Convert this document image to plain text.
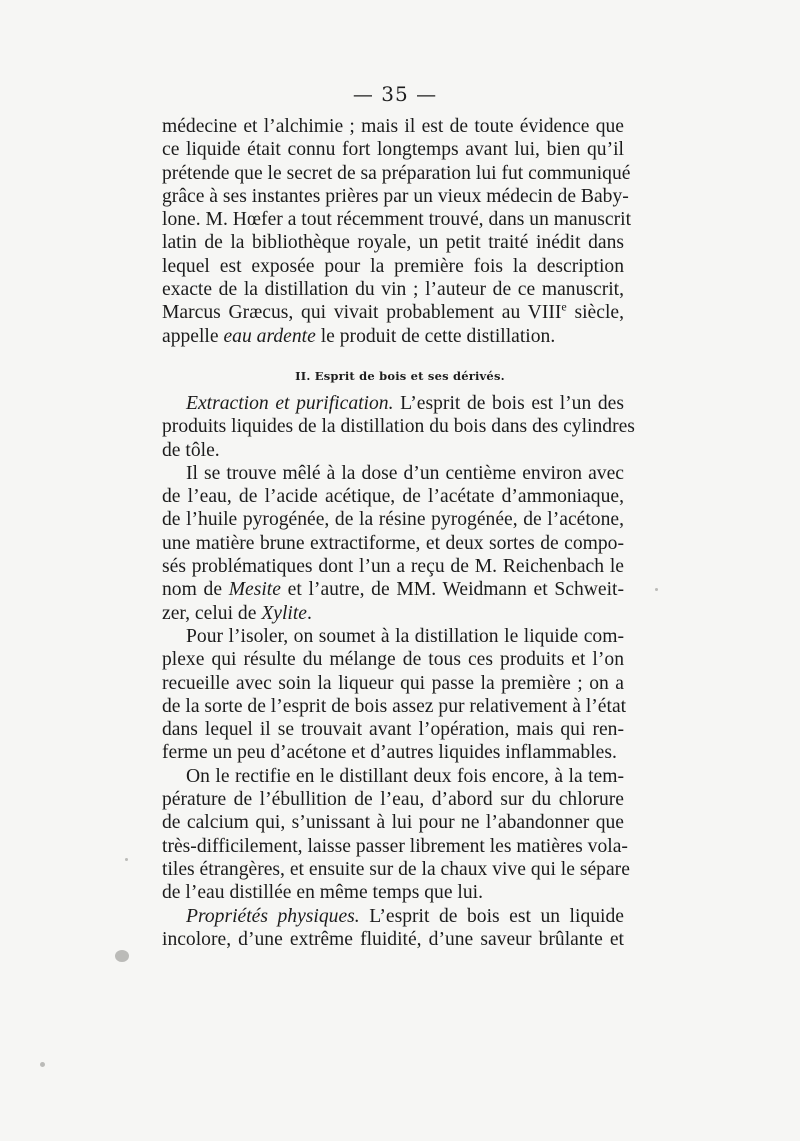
— 35 —
médecine et l’alchimie ; mais il est de toute évidence que
ce liquide était connu fort longtemps avant lui, bien qu’il
prétende que le secret de sa préparation lui fut communiqué
grâce à ses instantes prières par un vieux médecin de Baby-
lone. M. Hœfer a tout récemment trouvé, dans un manuscrit
latin de la bibliothèque royale, un petit traité inédit dans
lequel est exposée pour la première fois la description
exacte de la distillation du vin ; l’auteur de ce manuscrit,
Marcus Græcus, qui vivait probablement au VIIIe siècle,
appelle eau ardente le produit de cette distillation.
II. Esprit de bois et ses dérivés.
Extraction et purification. L’esprit de bois est l’un des
produits liquides de la distillation du bois dans des cylindres
de tôle.
Il se trouve mêlé à la dose d’un centième environ avec
de l’eau, de l’acide acétique, de l’acétate d’ammoniaque,
de l’huile pyrogénée, de la résine pyrogénée, de l’acétone,
une matière brune extractiforme, et deux sortes de compo-
sés problématiques dont l’un a reçu de M. Reichenbach le
nom de Mesite et l’autre, de MM. Weidmann et Schweit-
zer, celui de Xylite.
Pour l’isoler, on soumet à la distillation le liquide com-
plexe qui résulte du mélange de tous ces produits et l’on
recueille avec soin la liqueur qui passe la première ; on a
de la sorte de l’esprit de bois assez pur relativement à l’état
dans lequel il se trouvait avant l’opération, mais qui ren-
ferme un peu d’acétone et d’autres liquides inflammables.
On le rectifie en le distillant deux fois encore, à la tem-
pérature de l’ébullition de l’eau, d’abord sur du chlorure
de calcium qui, s’unissant à lui pour ne l’abandonner que
très-difficilement, laisse passer librement les matières vola-
tiles étrangères, et ensuite sur de la chaux vive qui le sépare
de l’eau distillée en même temps que lui.
Propriétés physiques. L’esprit de bois est un liquide
incolore, d’une extrême fluidité, d’une saveur brûlante et
